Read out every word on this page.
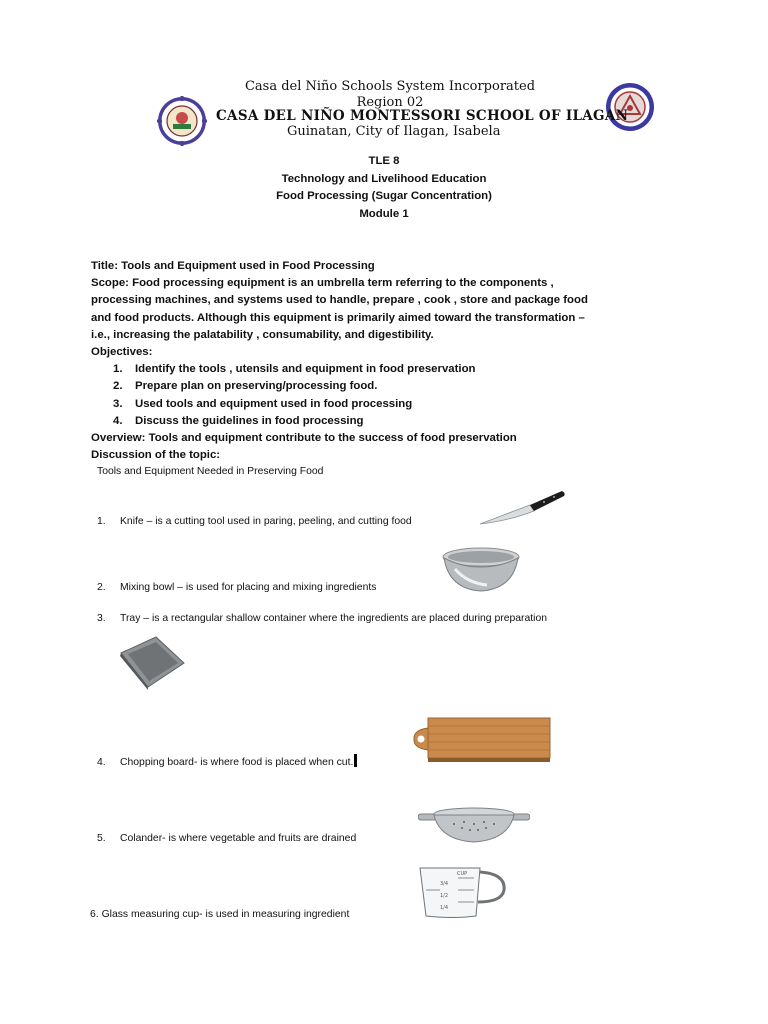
Casa del Niño Schools System Incorporated
Region 02
CASA DEL NIÑO MONTESSORI SCHOOL OF ILAGAN
Guinatan, City of Ilagan, Isabela
TLE 8
Technology and Livelihood Education
Food Processing (Sugar Concentration)
Module 1
Title: Tools and Equipment used in Food Processing
Scope: Food processing equipment is an umbrella term referring to the components ,
processing machines, and systems used to handle, prepare , cook , store and package food
and food products. Although this equipment is primarily aimed toward the transformation –
i.e., increasing the palatability , consumability, and digestibility.
Objectives:
1. Identify the tools , utensils and equipment in food preservation
2. Prepare plan on preserving/processing food.
3. Used tools and equipment used in food processing
4. Discuss the guidelines in food processing
Overview: Tools and equipment contribute to the success of food preservation
Discussion of the topic:
Tools and Equipment Needed in Preserving Food
1. Knife – is a cutting tool used in paring, peeling, and cutting food
2. Mixing bowl – is used for placing and mixing ingredients
3. Tray – is a rectangular shallow container where the ingredients are placed during preparation
4. Chopping board- is where food is placed when cut.
5. Colander- is where vegetable and fruits are drained
6. Glass measuring cup- is used in measuring ingredient
CUP
3/4
1/2
1/4
